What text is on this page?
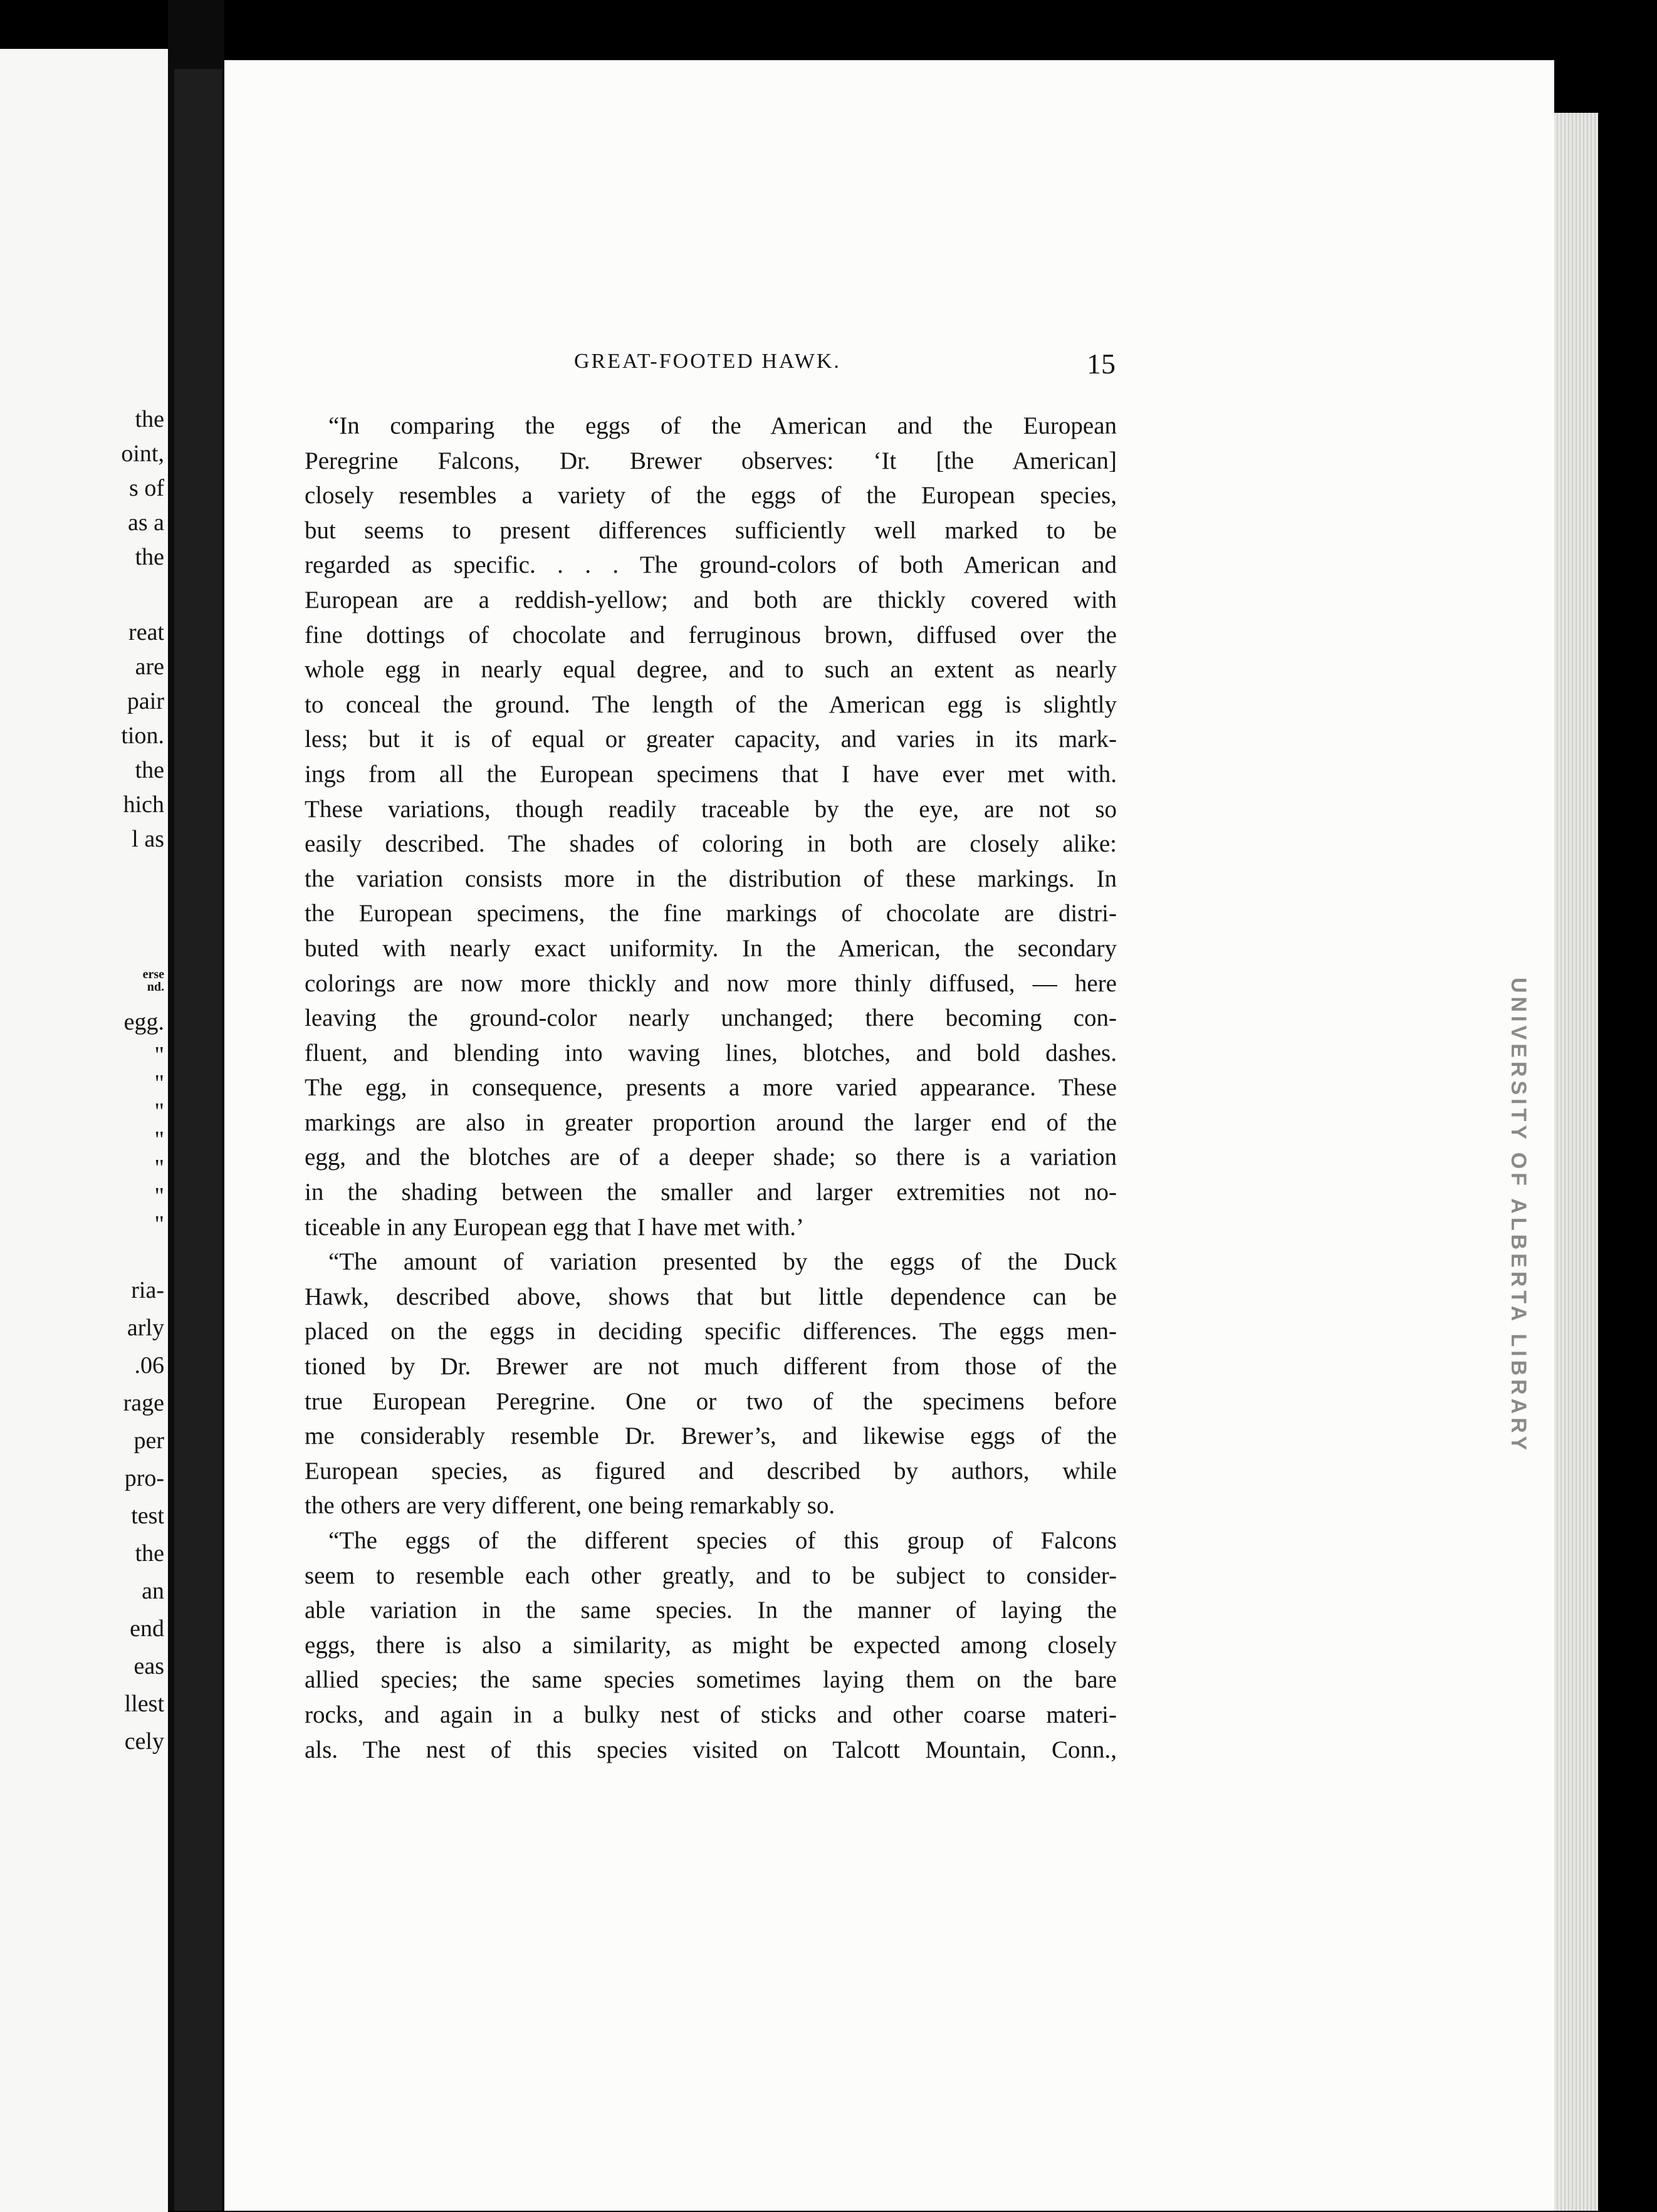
the
oint,
s of
as a
the
reat
are
pair
tion.
the
hich
l as
erse
nd.
egg.
"
"
"
"
"
"
"
ria-
arly
.06
rage
per
pro-
test
the
an
end
eas
llest
cely
UNIVERSITY OF ALBERTA LIBRARY
GREAT-FOOTED HAWK.	15
“In comparing the eggs of the American and the European
Peregrine Falcons, Dr. Brewer observes: ‘It [the American]
closely resembles a variety of the eggs of the European species,
but seems to present differences sufficiently well marked to be
regarded as specific. . . . The ground-colors of both American and
European are a reddish-yellow; and both are thickly covered with
fine dottings of chocolate and ferruginous brown, diffused over the
whole egg in nearly equal degree, and to such an extent as nearly
to conceal the ground. The length of the American egg is slightly
less; but it is of equal or greater capacity, and varies in its mark-
ings from all the European specimens that I have ever met with.
These variations, though readily traceable by the eye, are not so
easily described. The shades of coloring in both are closely alike:
the variation consists more in the distribution of these markings. In
the European specimens, the fine markings of chocolate are distri-
buted with nearly exact uniformity. In the American, the secondary
colorings are now more thickly and now more thinly diffused, — here
leaving the ground-color nearly unchanged; there becoming con-
fluent, and blending into waving lines, blotches, and bold dashes.
The egg, in consequence, presents a more varied appearance. These
markings are also in greater proportion around the larger end of the
egg, and the blotches are of a deeper shade; so there is a variation
in the shading between the smaller and larger extremities not no-
ticeable in any European egg that I have met with.’
“The amount of variation presented by the eggs of the Duck
Hawk, described above, shows that but little dependence can be
placed on the eggs in deciding specific differences. The eggs men-
tioned by Dr. Brewer are not much different from those of the
true European Peregrine. One or two of the specimens before
me considerably resemble Dr. Brewer’s, and likewise eggs of the
European species, as figured and described by authors, while
the others are very different, one being remarkably so.
“The eggs of the different species of this group of Falcons
seem to resemble each other greatly, and to be subject to consider-
able variation in the same species. In the manner of laying the
eggs, there is also a similarity, as might be expected among closely
allied species; the same species sometimes laying them on the bare
rocks, and again in a bulky nest of sticks and other coarse materi-
als. The nest of this species visited on Talcott Mountain, Conn.,
